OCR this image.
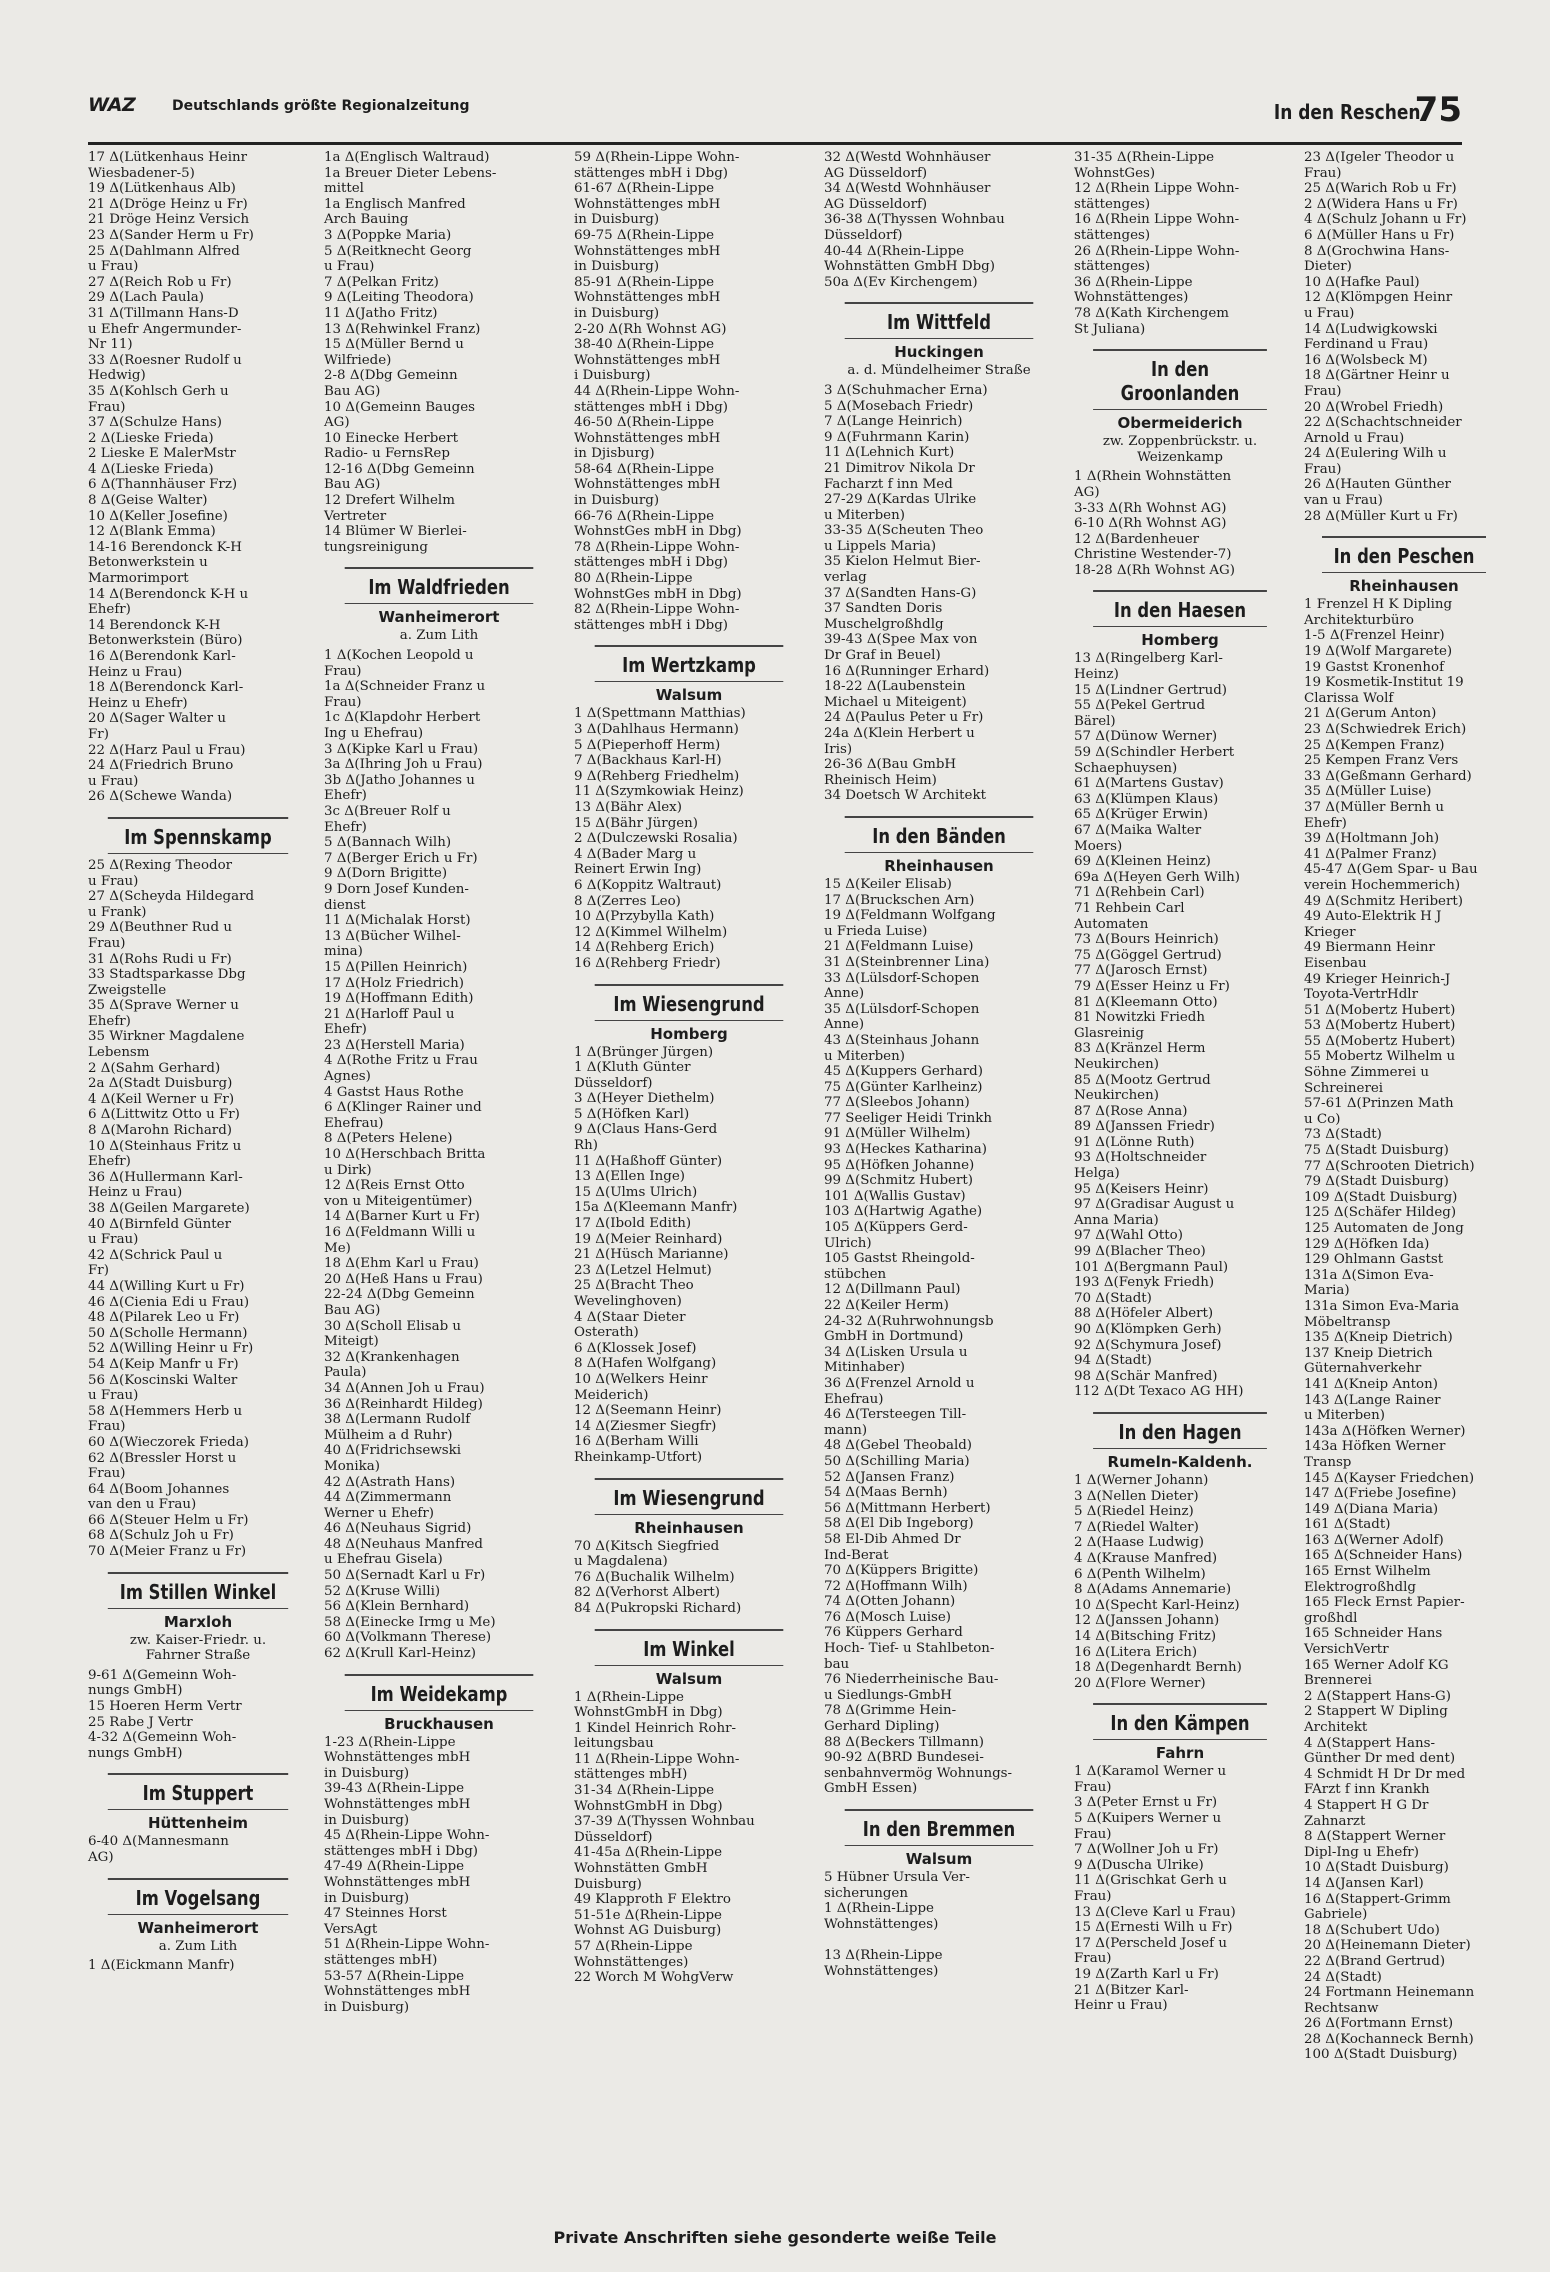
WAZ	Deutschlands größte Regionalzeitung	In den Reschen
75
17 Δ(Lütkenhaus Heinr
Wiesbadener-5)
19 Δ(Lütkenhaus Alb)
21 Δ(Dröge Heinz u Fr)
21 Dröge Heinz Versich
23 Δ(Sander Herm u Fr)
25 Δ(Dahlmann Alfred
u Frau)
27 Δ(Reich Rob u Fr)
29 Δ(Lach Paula)
31 Δ(Tillmann Hans-D
u Ehefr Angermunder-
Nr 11)
33 Δ(Roesner Rudolf u
Hedwig)
35 Δ(Kohlsch Gerh u
Frau)
37 Δ(Schulze Hans)
2 Δ(Lieske Frieda)
2 Lieske E MalerMstr
4 Δ(Lieske Frieda)
6 Δ(Thannhäuser Frz)
8 Δ(Geise Walter)
10 Δ(Keller Josefine)
12 Δ(Blank Emma)
14-16 Berendonck K-H
Betonwerkstein u
Marmorimport
14 Δ(Berendonck K-H u
Ehefr)
14 Berendonck K-H
Betonwerkstein (Büro)
16 Δ(Berendonk Karl-
Heinz u Frau)
18 Δ(Berendonck Karl-
Heinz u Ehefr)
20 Δ(Sager Walter u
Fr)
22 Δ(Harz Paul u Frau)
24 Δ(Friedrich Bruno
u Frau)
26 Δ(Schewe Wanda)
Im Spennskamp
25 Δ(Rexing Theodor
u Frau)
27 Δ(Scheyda Hildegard
u Frank)
29 Δ(Beuthner Rud u
Frau)
31 Δ(Rohs Rudi u Fr)
33 Stadtsparkasse Dbg
Zweigstelle
35 Δ(Sprave Werner u
Ehefr)
35 Wirkner Magdalene
Lebensm
2 Δ(Sahm Gerhard)
2a Δ(Stadt Duisburg)
4 Δ(Keil Werner u Fr)
6 Δ(Littwitz Otto u Fr)
8 Δ(Marohn Richard)
10 Δ(Steinhaus Fritz u
Ehefr)
36 Δ(Hullermann Karl-
Heinz u Frau)
38 Δ(Geilen Margarete)
40 Δ(Birnfeld Günter
u Frau)
42 Δ(Schrick Paul u
Fr)
44 Δ(Willing Kurt u Fr)
46 Δ(Cienia Edi u Frau)
48 Δ(Pilarek Leo u Fr)
50 Δ(Scholle Hermann)
52 Δ(Willing Heinr u Fr)
54 Δ(Keip Manfr u Fr)
56 Δ(Koscinski Walter
u Frau)
58 Δ(Hemmers Herb u
Frau)
60 Δ(Wieczorek Frieda)
62 Δ(Bressler Horst u
Frau)
64 Δ(Boom Johannes
van den u Frau)
66 Δ(Steuer Helm u Fr)
68 Δ(Schulz Joh u Fr)
70 Δ(Meier Franz u Fr)
Im Stillen Winkel
Marxloh
zw. Kaiser-Friedr. u.
Fahrner Straße
9-61 Δ(Gemeinn Woh-
nungs GmbH)
15 Hoeren Herm Vertr
25 Rabe J Vertr
4-32 Δ(Gemeinn Woh-
nungs GmbH)
Im Stuppert
Hüttenheim
6-40 Δ(Mannesmann
AG)
Im Vogelsang
Wanheimerort
a. Zum Lith
1 Δ(Eickmann Manfr)
1a Δ(Englisch Waltraud)
1a Breuer Dieter Lebens-
mittel
1a Englisch Manfred
Arch Bauing
3 Δ(Poppke Maria)
5 Δ(Reitknecht Georg
u Frau)
7 Δ(Pelkan Fritz)
9 Δ(Leiting Theodora)
11 Δ(Jatho Fritz)
13 Δ(Rehwinkel Franz)
15 Δ(Müller Bernd u
Wilfriede)
2-8 Δ(Dbg Gemeinn
Bau AG)
10 Δ(Gemeinn Bauges
AG)
10 Einecke Herbert
Radio- u FernsRep
12-16 Δ(Dbg Gemeinn
Bau AG)
12 Drefert Wilhelm
Vertreter
14 Blümer W Bierlei-
tungsreinigung
Im Waldfrieden
Wanheimerort
a. Zum Lith
1 Δ(Kochen Leopold u
Frau)
1a Δ(Schneider Franz u
Frau)
1c Δ(Klapdohr Herbert
Ing u Ehefrau)
3 Δ(Kipke Karl u Frau)
3a Δ(Ihring Joh u Frau)
3b Δ(Jatho Johannes u
Ehefr)
3c Δ(Breuer Rolf u
Ehefr)
5 Δ(Bannach Wilh)
7 Δ(Berger Erich u Fr)
9 Δ(Dorn Brigitte)
9 Dorn Josef Kunden-
dienst
11 Δ(Michalak Horst)
13 Δ(Bücher Wilhel-
mina)
15 Δ(Pillen Heinrich)
17 Δ(Holz Friedrich)
19 Δ(Hoffmann Edith)
21 Δ(Harloff Paul u
Ehefr)
23 Δ(Herstell Maria)
4 Δ(Rothe Fritz u Frau
Agnes)
4 Gastst Haus Rothe
6 Δ(Klinger Rainer und
Ehefrau)
8 Δ(Peters Helene)
10 Δ(Herschbach Britta
u Dirk)
12 Δ(Reis Ernst Otto
von u Miteigentümer)
14 Δ(Barner Kurt u Fr)
16 Δ(Feldmann Willi u
Me)
18 Δ(Ehm Karl u Frau)
20 Δ(Heß Hans u Frau)
22-24 Δ(Dbg Gemeinn
Bau AG)
30 Δ(Scholl Elisab u
Miteigt)
32 Δ(Krankenhagen
Paula)
34 Δ(Annen Joh u Frau)
36 Δ(Reinhardt Hildeg)
38 Δ(Lermann Rudolf
Mülheim a d Ruhr)
40 Δ(Fridrichsewski
Monika)
42 Δ(Astrath Hans)
44 Δ(Zimmermann
Werner u Ehefr)
46 Δ(Neuhaus Sigrid)
48 Δ(Neuhaus Manfred
u Ehefrau Gisela)
50 Δ(Sernadt Karl u Fr)
52 Δ(Kruse Willi)
56 Δ(Klein Bernhard)
58 Δ(Einecke Irmg u Me)
60 Δ(Volkmann Therese)
62 Δ(Krull Karl-Heinz)
Im Weidekamp
Bruckhausen
1-23 Δ(Rhein-Lippe
Wohnstättenges mbH
in Duisburg)
39-43 Δ(Rhein-Lippe
Wohnstättenges mbH
in Duisburg)
45 Δ(Rhein-Lippe Wohn-
stättenges mbH i Dbg)
47-49 Δ(Rhein-Lippe
Wohnstättenges mbH
in Duisburg)
47 Steinnes Horst
VersAgt
51 Δ(Rhein-Lippe Wohn-
stättenges mbH)
53-57 Δ(Rhein-Lippe
Wohnstättenges mbH
in Duisburg)
59 Δ(Rhein-Lippe Wohn-
stättenges mbH i Dbg)
61-67 Δ(Rhein-Lippe
Wohnstättenges mbH
in Duisburg)
69-75 Δ(Rhein-Lippe
Wohnstättenges mbH
in Duisburg)
85-91 Δ(Rhein-Lippe
Wohnstättenges mbH
in Duisburg)
2-20 Δ(Rh Wohnst AG)
38-40 Δ(Rhein-Lippe
Wohnstättenges mbH
i Duisburg)
44 Δ(Rhein-Lippe Wohn-
stättenges mbH i Dbg)
46-50 Δ(Rhein-Lippe
Wohnstättenges mbH
in Djisburg)
58-64 Δ(Rhein-Lippe
Wohnstättenges mbH
in Duisburg)
66-76 Δ(Rhein-Lippe
WohnstGes mbH in Dbg)
78 Δ(Rhein-Lippe Wohn-
stättenges mbH i Dbg)
80 Δ(Rhein-Lippe
WohnstGes mbH in Dbg)
82 Δ(Rhein-Lippe Wohn-
stättenges mbH i Dbg)
Im Wertzkamp
Walsum
1 Δ(Spettmann Matthias)
3 Δ(Dahlhaus Hermann)
5 Δ(Pieperhoff Herm)
7 Δ(Backhaus Karl-H)
9 Δ(Rehberg Friedhelm)
11 Δ(Szymkowiak Heinz)
13 Δ(Bähr Alex)
15 Δ(Bähr Jürgen)
2 Δ(Dulczewski Rosalia)
4 Δ(Bader Marg u
Reinert Erwin Ing)
6 Δ(Koppitz Waltraut)
8 Δ(Zerres Leo)
10 Δ(Przybylla Kath)
12 Δ(Kimmel Wilhelm)
14 Δ(Rehberg Erich)
16 Δ(Rehberg Friedr)
Im Wiesengrund
Homberg
1 Δ(Brünger Jürgen)
1 Δ(Kluth Günter
Düsseldorf)
3 Δ(Heyer Diethelm)
5 Δ(Höfken Karl)
9 Δ(Claus Hans-Gerd
Rh)
11 Δ(Haßhoff Günter)
13 Δ(Ellen Inge)
15 Δ(Ulms Ulrich)
15a Δ(Kleemann Manfr)
17 Δ(Ibold Edith)
19 Δ(Meier Reinhard)
21 Δ(Hüsch Marianne)
23 Δ(Letzel Helmut)
25 Δ(Bracht Theo
Wevelinghoven)
4 Δ(Staar Dieter
Osterath)
6 Δ(Klossek Josef)
8 Δ(Hafen Wolfgang)
10 Δ(Welkers Heinr
Meiderich)
12 Δ(Seemann Heinr)
14 Δ(Ziesmer Siegfr)
16 Δ(Berham Willi
Rheinkamp-Utfort)
Im Wiesengrund
Rheinhausen
70 Δ(Kitsch Siegfried
u Magdalena)
76 Δ(Buchalik Wilhelm)
82 Δ(Verhorst Albert)
84 Δ(Pukropski Richard)
Im Winkel
Walsum
1 Δ(Rhein-Lippe
WohnstGmbH in Dbg)
1 Kindel Heinrich Rohr-
leitungsbau
11 Δ(Rhein-Lippe Wohn-
stättenges mbH)
31-34 Δ(Rhein-Lippe
WohnstGmbH in Dbg)
37-39 Δ(Thyssen Wohnbau
Düsseldorf)
41-45a Δ(Rhein-Lippe
Wohnstätten GmbH
Duisburg)
49 Klapproth F Elektro
51-51e Δ(Rhein-Lippe
Wohnst AG Duisburg)
57 Δ(Rhein-Lippe
Wohnstättenges)
22 Worch M WohgVerw
32 Δ(Westd Wohnhäuser
AG Düsseldorf)
34 Δ(Westd Wohnhäuser
AG Düsseldorf)
36-38 Δ(Thyssen Wohnbau
Düsseldorf)
40-44 Δ(Rhein-Lippe
Wohnstätten GmbH Dbg)
50a Δ(Ev Kirchengem)
Im Wittfeld
Huckingen
a. d. Mündelheimer Straße
3 Δ(Schuhmacher Erna)
5 Δ(Mosebach Friedr)
7 Δ(Lange Heinrich)
9 Δ(Fuhrmann Karin)
11 Δ(Lehnich Kurt)
21 Dimitrov Nikola Dr
Facharzt f inn Med
27-29 Δ(Kardas Ulrike
u Miterben)
33-35 Δ(Scheuten Theo
u Lippels Maria)
35 Kielon Helmut Bier-
verlag
37 Δ(Sandten Hans-G)
37 Sandten Doris
Muschelgroßhdlg
39-43 Δ(Spee Max von
Dr Graf in Beuel)
16 Δ(Runninger Erhard)
18-22 Δ(Laubenstein
Michael u Miteigent)
24 Δ(Paulus Peter u Fr)
24a Δ(Klein Herbert u
Iris)
26-36 Δ(Bau GmbH
Rheinisch Heim)
34 Doetsch W Architekt
In den Bänden
Rheinhausen
15 Δ(Keiler Elisab)
17 Δ(Bruckschen Arn)
19 Δ(Feldmann Wolfgang
u Frieda Luise)
21 Δ(Feldmann Luise)
31 Δ(Steinbrenner Lina)
33 Δ(Lülsdorf-Schopen
Anne)
35 Δ(Lülsdorf-Schopen
Anne)
43 Δ(Steinhaus Johann
u Miterben)
45 Δ(Kuppers Gerhard)
75 Δ(Günter Karlheinz)
77 Δ(Sleebos Johann)
77 Seeliger Heidi Trinkh
91 Δ(Müller Wilhelm)
93 Δ(Heckes Katharina)
95 Δ(Höfken Johanne)
99 Δ(Schmitz Hubert)
101 Δ(Wallis Gustav)
103 Δ(Hartwig Agathe)
105 Δ(Küppers Gerd-
Ulrich)
105 Gastst Rheingold-
stübchen
12 Δ(Dillmann Paul)
22 Δ(Keiler Herm)
24-32 Δ(Ruhrwohnungsb
GmbH in Dortmund)
34 Δ(Lisken Ursula u
Mitinhaber)
36 Δ(Frenzel Arnold u
Ehefrau)
46 Δ(Tersteegen Till-
mann)
48 Δ(Gebel Theobald)
50 Δ(Schilling Maria)
52 Δ(Jansen Franz)
54 Δ(Maas Bernh)
56 Δ(Mittmann Herbert)
58 Δ(El Dib Ingeborg)
58 El-Dib Ahmed Dr
Ind-Berat
70 Δ(Küppers Brigitte)
72 Δ(Hoffmann Wilh)
74 Δ(Otten Johann)
76 Δ(Mosch Luise)
76 Küppers Gerhard
Hoch- Tief- u Stahlbeton-
bau
76 Niederrheinische Bau-
u Siedlungs-GmbH
78 Δ(Grimme Hein-
Gerhard Dipling)
88 Δ(Beckers Tillmann)
90-92 Δ(BRD Bundesei-
senbahnvermög Wohnungs-
GmbH Essen)
In den Bremmen
Walsum
5 Hübner Ursula Ver-
sicherungen
1 Δ(Rhein-Lippe
Wohnstättenges)

13 Δ(Rhein-Lippe
Wohnstättenges)
31-35 Δ(Rhein-Lippe
WohnstGes)
12 Δ(Rhein Lippe Wohn-
stättenges)
16 Δ(Rhein Lippe Wohn-
stättenges)
26 Δ(Rhein-Lippe Wohn-
stättenges)
36 Δ(Rhein-Lippe
Wohnstättenges)
78 Δ(Kath Kirchengem
St Juliana)
In den Groonlanden
Obermeiderich
zw. Zoppenbrückstr. u.
Weizenkamp
1 Δ(Rhein Wohnstätten
AG)
3-33 Δ(Rh Wohnst AG)
6-10 Δ(Rh Wohnst AG)
12 Δ(Bardenheuer
Christine Westender-7)
18-28 Δ(Rh Wohnst AG)
In den Haesen
Homberg
13 Δ(Ringelberg Karl-
Heinz)
15 Δ(Lindner Gertrud)
55 Δ(Pekel Gertrud
Bärel)
57 Δ(Dünow Werner)
59 Δ(Schindler Herbert
Schaephuysen)
61 Δ(Martens Gustav)
63 Δ(Klümpen Klaus)
65 Δ(Krüger Erwin)
67 Δ(Maika Walter
Moers)
69 Δ(Kleinen Heinz)
69a Δ(Heyen Gerh Wilh)
71 Δ(Rehbein Carl)
71 Rehbein Carl
Automaten
73 Δ(Bours Heinrich)
75 Δ(Göggel Gertrud)
77 Δ(Jarosch Ernst)
79 Δ(Esser Heinz u Fr)
81 Δ(Kleemann Otto)
81 Nowitzki Friedh
Glasreinig
83 Δ(Kränzel Herm
Neukirchen)
85 Δ(Mootz Gertrud
Neukirchen)
87 Δ(Rose Anna)
89 Δ(Janssen Friedr)
91 Δ(Lönne Ruth)
93 Δ(Holtschneider
Helga)
95 Δ(Keisers Heinr)
97 Δ(Gradisar August u
Anna Maria)
97 Δ(Wahl Otto)
99 Δ(Blacher Theo)
101 Δ(Bergmann Paul)
193 Δ(Fenyk Friedh)
70 Δ(Stadt)
88 Δ(Höfeler Albert)
90 Δ(Klömpken Gerh)
92 Δ(Schymura Josef)
94 Δ(Stadt)
98 Δ(Schär Manfred)
112 Δ(Dt Texaco AG HH)
In den Hagen
Rumeln-Kaldenh.
1 Δ(Werner Johann)
3 Δ(Nellen Dieter)
5 Δ(Riedel Heinz)
7 Δ(Riedel Walter)
2 Δ(Haase Ludwig)
4 Δ(Krause Manfred)
6 Δ(Penth Wilhelm)
8 Δ(Adams Annemarie)
10 Δ(Specht Karl-Heinz)
12 Δ(Janssen Johann)
14 Δ(Bitsching Fritz)
16 Δ(Litera Erich)
18 Δ(Degenhardt Bernh)
20 Δ(Flore Werner)
In den Kämpen
Fahrn
1 Δ(Karamol Werner u
Frau)
3 Δ(Peter Ernst u Fr)
5 Δ(Kuipers Werner u
Frau)
7 Δ(Wollner Joh u Fr)
9 Δ(Duscha Ulrike)
11 Δ(Grischkat Gerh u
Frau)
13 Δ(Cleve Karl u Frau)
15 Δ(Ernesti Wilh u Fr)
17 Δ(Perscheld Josef u
Frau)
19 Δ(Zarth Karl u Fr)
21 Δ(Bitzer Karl-
Heinr u Frau)
23 Δ(Igeler Theodor u
Frau)
25 Δ(Warich Rob u Fr)
2 Δ(Widera Hans u Fr)
4 Δ(Schulz Johann u Fr)
6 Δ(Müller Hans u Fr)
8 Δ(Grochwina Hans-
Dieter)
10 Δ(Hafke Paul)
12 Δ(Klömpgen Heinr
u Frau)
14 Δ(Ludwigkowski
Ferdinand u Frau)
16 Δ(Wolsbeck M)
18 Δ(Gärtner Heinr u
Frau)
20 Δ(Wrobel Friedh)
22 Δ(Schachtschneider
Arnold u Frau)
24 Δ(Eulering Wilh u
Frau)
26 Δ(Hauten Günther
van u Frau)
28 Δ(Müller Kurt u Fr)
In den Peschen
Rheinhausen
1 Frenzel H K Dipling
Architekturbüro
1-5 Δ(Frenzel Heinr)
19 Δ(Wolf Margarete)
19 Gastst Kronenhof
19 Kosmetik-Institut 19
Clarissa Wolf
21 Δ(Gerum Anton)
23 Δ(Schwiedrek Erich)
25 Δ(Kempen Franz)
25 Kempen Franz Vers
33 Δ(Geßmann Gerhard)
35 Δ(Müller Luise)
37 Δ(Müller Bernh u
Ehefr)
39 Δ(Holtmann Joh)
41 Δ(Palmer Franz)
45-47 Δ(Gem Spar- u Bau
verein Hochemmerich)
49 Δ(Schmitz Heribert)
49 Auto-Elektrik H J
Krieger
49 Biermann Heinr
Eisenbau
49 Krieger Heinrich-J
Toyota-VertrHdlr
51 Δ(Mobertz Hubert)
53 Δ(Mobertz Hubert)
55 Δ(Mobertz Hubert)
55 Mobertz Wilhelm u
Söhne Zimmerei u
Schreinerei
57-61 Δ(Prinzen Math
u Co)
73 Δ(Stadt)
75 Δ(Stadt Duisburg)
77 Δ(Schrooten Dietrich)
79 Δ(Stadt Duisburg)
109 Δ(Stadt Duisburg)
125 Δ(Schäfer Hildeg)
125 Automaten de Jong
129 Δ(Höfken Ida)
129 Ohlmann Gastst
131a Δ(Simon Eva-
Maria)
131a Simon Eva-Maria
Möbeltransp
135 Δ(Kneip Dietrich)
137 Kneip Dietrich
Güternahverkehr
141 Δ(Kneip Anton)
143 Δ(Lange Rainer
u Miterben)
143a Δ(Höfken Werner)
143a Höfken Werner
Transp
145 Δ(Kayser Friedchen)
147 Δ(Friebe Josefine)
149 Δ(Diana Maria)
161 Δ(Stadt)
163 Δ(Werner Adolf)
165 Δ(Schneider Hans)
165 Ernst Wilhelm
Elektrogroßhdlg
165 Fleck Ernst Papier-
großhdl
165 Schneider Hans
VersichVertr
165 Werner Adolf KG
Brennerei
2 Δ(Stappert Hans-G)
2 Stappert W Dipling
Architekt
4 Δ(Stappert Hans-
Günther Dr med dent)
4 Schmidt H Dr Dr med
FArzt f inn Krankh
4 Stappert H G Dr
Zahnarzt
8 Δ(Stappert Werner
Dipl-Ing u Ehefr)
10 Δ(Stadt Duisburg)
14 Δ(Jansen Karl)
16 Δ(Stappert-Grimm
Gabriele)
18 Δ(Schubert Udo)
20 Δ(Heinemann Dieter)
22 Δ(Brand Gertrud)
24 Δ(Stadt)
24 Fortmann Heinemann
Rechtsanw
26 Δ(Fortmann Ernst)
28 Δ(Kochanneck Bernh)
100 Δ(Stadt Duisburg)
Private Anschriften siehe gesonderte weiße Teile
